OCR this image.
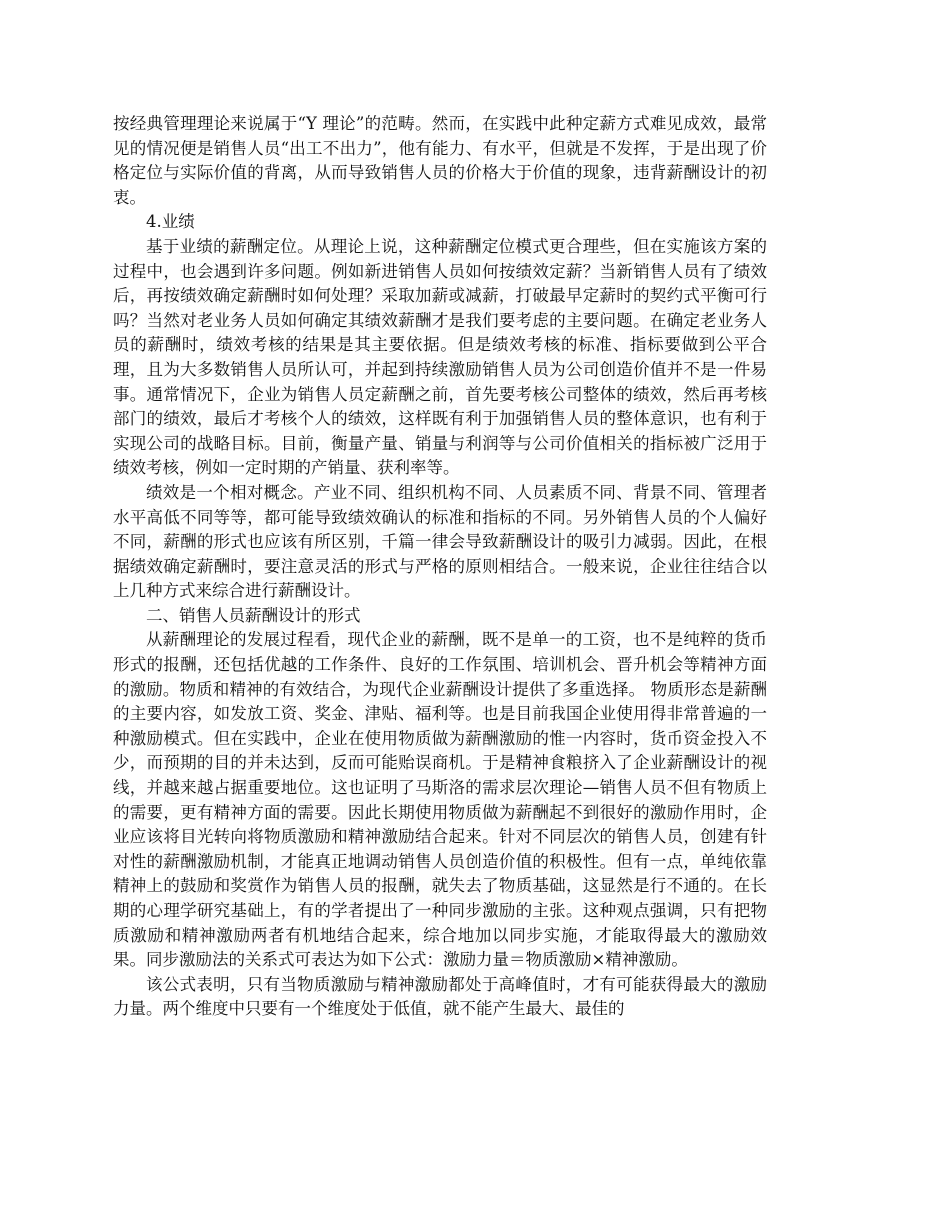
按经典管理理论来说属于“Y 理论”的范畴。然而，在实践中此种定薪方式难见成效，最常见的情况便是销售人员“出工不出力”，他有能力、有水平，但就是不发挥，于是出现了价格定位与实际价值的背离，从而导致销售人员的价格大于价值的现象，违背薪酬设计的初衷。

4.业绩

基于业绩的薪酬定位。从理论上说，这种薪酬定位模式更合理些，但在实施该方案的过程中，也会遇到许多问题。例如新进销售人员如何按绩效定薪？当新销售人员有了绩效后，再按绩效确定薪酬时如何处理？采取加薪或减薪，打破最早定薪时的契约式平衡可行吗？当然对老业务人员如何确定其绩效薪酬才是我们要考虑的主要问题。在确定老业务人员的薪酬时，绩效考核的结果是其主要依据。但是绩效考核的标准、指标要做到公平合理，且为大多数销售人员所认可，并起到持续激励销售人员为公司创造价值并不是一件易事。通常情况下，企业为销售人员定薪酬之前，首先要考核公司整体的绩效，然后再考核部门的绩效，最后才考核个人的绩效，这样既有利于加强销售人员的整体意识，也有利于实现公司的战略目标。目前，衡量产量、销量与利润等与公司价值相关的指标被广泛用于绩效考核，例如一定时期的产销量、获利率等。

绩效是一个相对概念。产业不同、组织机构不同、人员素质不同、背景不同、管理者水平高低不同等等，都可能导致绩效确认的标准和指标的不同。另外销售人员的个人偏好不同，薪酬的形式也应该有所区别，千篇一律会导致薪酬设计的吸引力减弱。因此，在根据绩效确定薪酬时，要注意灵活的形式与严格的原则相结合。一般来说，企业往往结合以上几种方式来综合进行薪酬设计。

二、销售人员薪酬设计的形式

从薪酬理论的发展过程看，现代企业的薪酬，既不是单一的工资，也不是纯粹的货币形式的报酬，还包括优越的工作条件、良好的工作氛围、培训机会、晋升机会等精神方面的激励。物质和精神的有效结合，为现代企业薪酬设计提供了多重选择。 物质形态是薪酬的主要内容，如发放工资、奖金、津贴、福利等。也是目前我国企业使用得非常普遍的一种激励模式。但在实践中，企业在使用物质做为薪酬激励的惟一内容时，货币资金投入不少，而预期的目的并未达到，反而可能贻误商机。于是精神食粮挤入了企业薪酬设计的视线，并越来越占据重要地位。这也证明了马斯洛的需求层次理论—销售人员不但有物质上的需要，更有精神方面的需要。因此长期使用物质做为薪酬起不到很好的激励作用时，企业应该将目光转向将物质激励和精神激励结合起来。针对不同层次的销售人员，创建有针对性的薪酬激励机制，才能真正地调动销售人员创造价值的积极性。但有一点，单纯依靠精神上的鼓励和奖赏作为销售人员的报酬，就失去了物质基础，这显然是行不通的。在长期的心理学研究基础上，有的学者提出了一种同步激励的主张。这种观点强调，只有把物质激励和精神激励两者有机地结合起来，综合地加以同步实施，才能取得最大的激励效果。同步激励法的关系式可表达为如下公式：激励力量＝物质激励×精神激励。

该公式表明，只有当物质激励与精神激励都处于高峰值时，才有可能获得最大的激励力量。两个维度中只要有一个维度处于低值，就不能产生最大、最佳的
